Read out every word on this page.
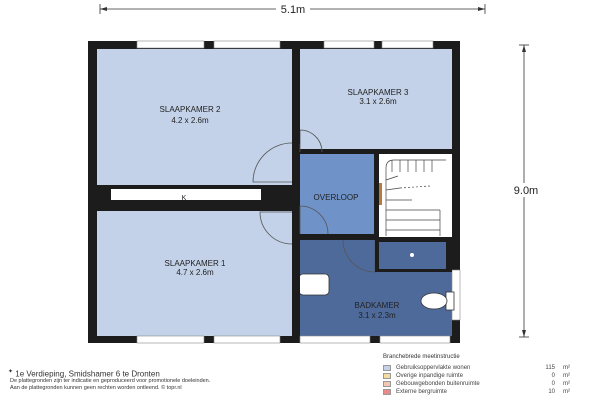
5.1m
9.0m
SLAAPKAMER 2
4.2 x 2.6m
SLAAPKAMER 3
3.1 x 2.6m
OVERLOOP
SLAAPKAMER 1
4.7 x 2.6m
BADKAMER
3.1 x 2.3m
K
✦ 1e Verdieping, Smidshamer 6 te Dronten
De plattegronden zijn ter indicatie en geproduceerd voor promotionele doeleinden.
Aan de plattegronden kunnen geen rechten worden ontleend. © topr.nl
Branchebrede meetinstructie
Gebruiksoppervlakte wonen	115 m²
Overige inpandige ruimte	0 m²
Gebouwgebonden buitenruimte	0 m²
Externe bergruimte	10 m²
